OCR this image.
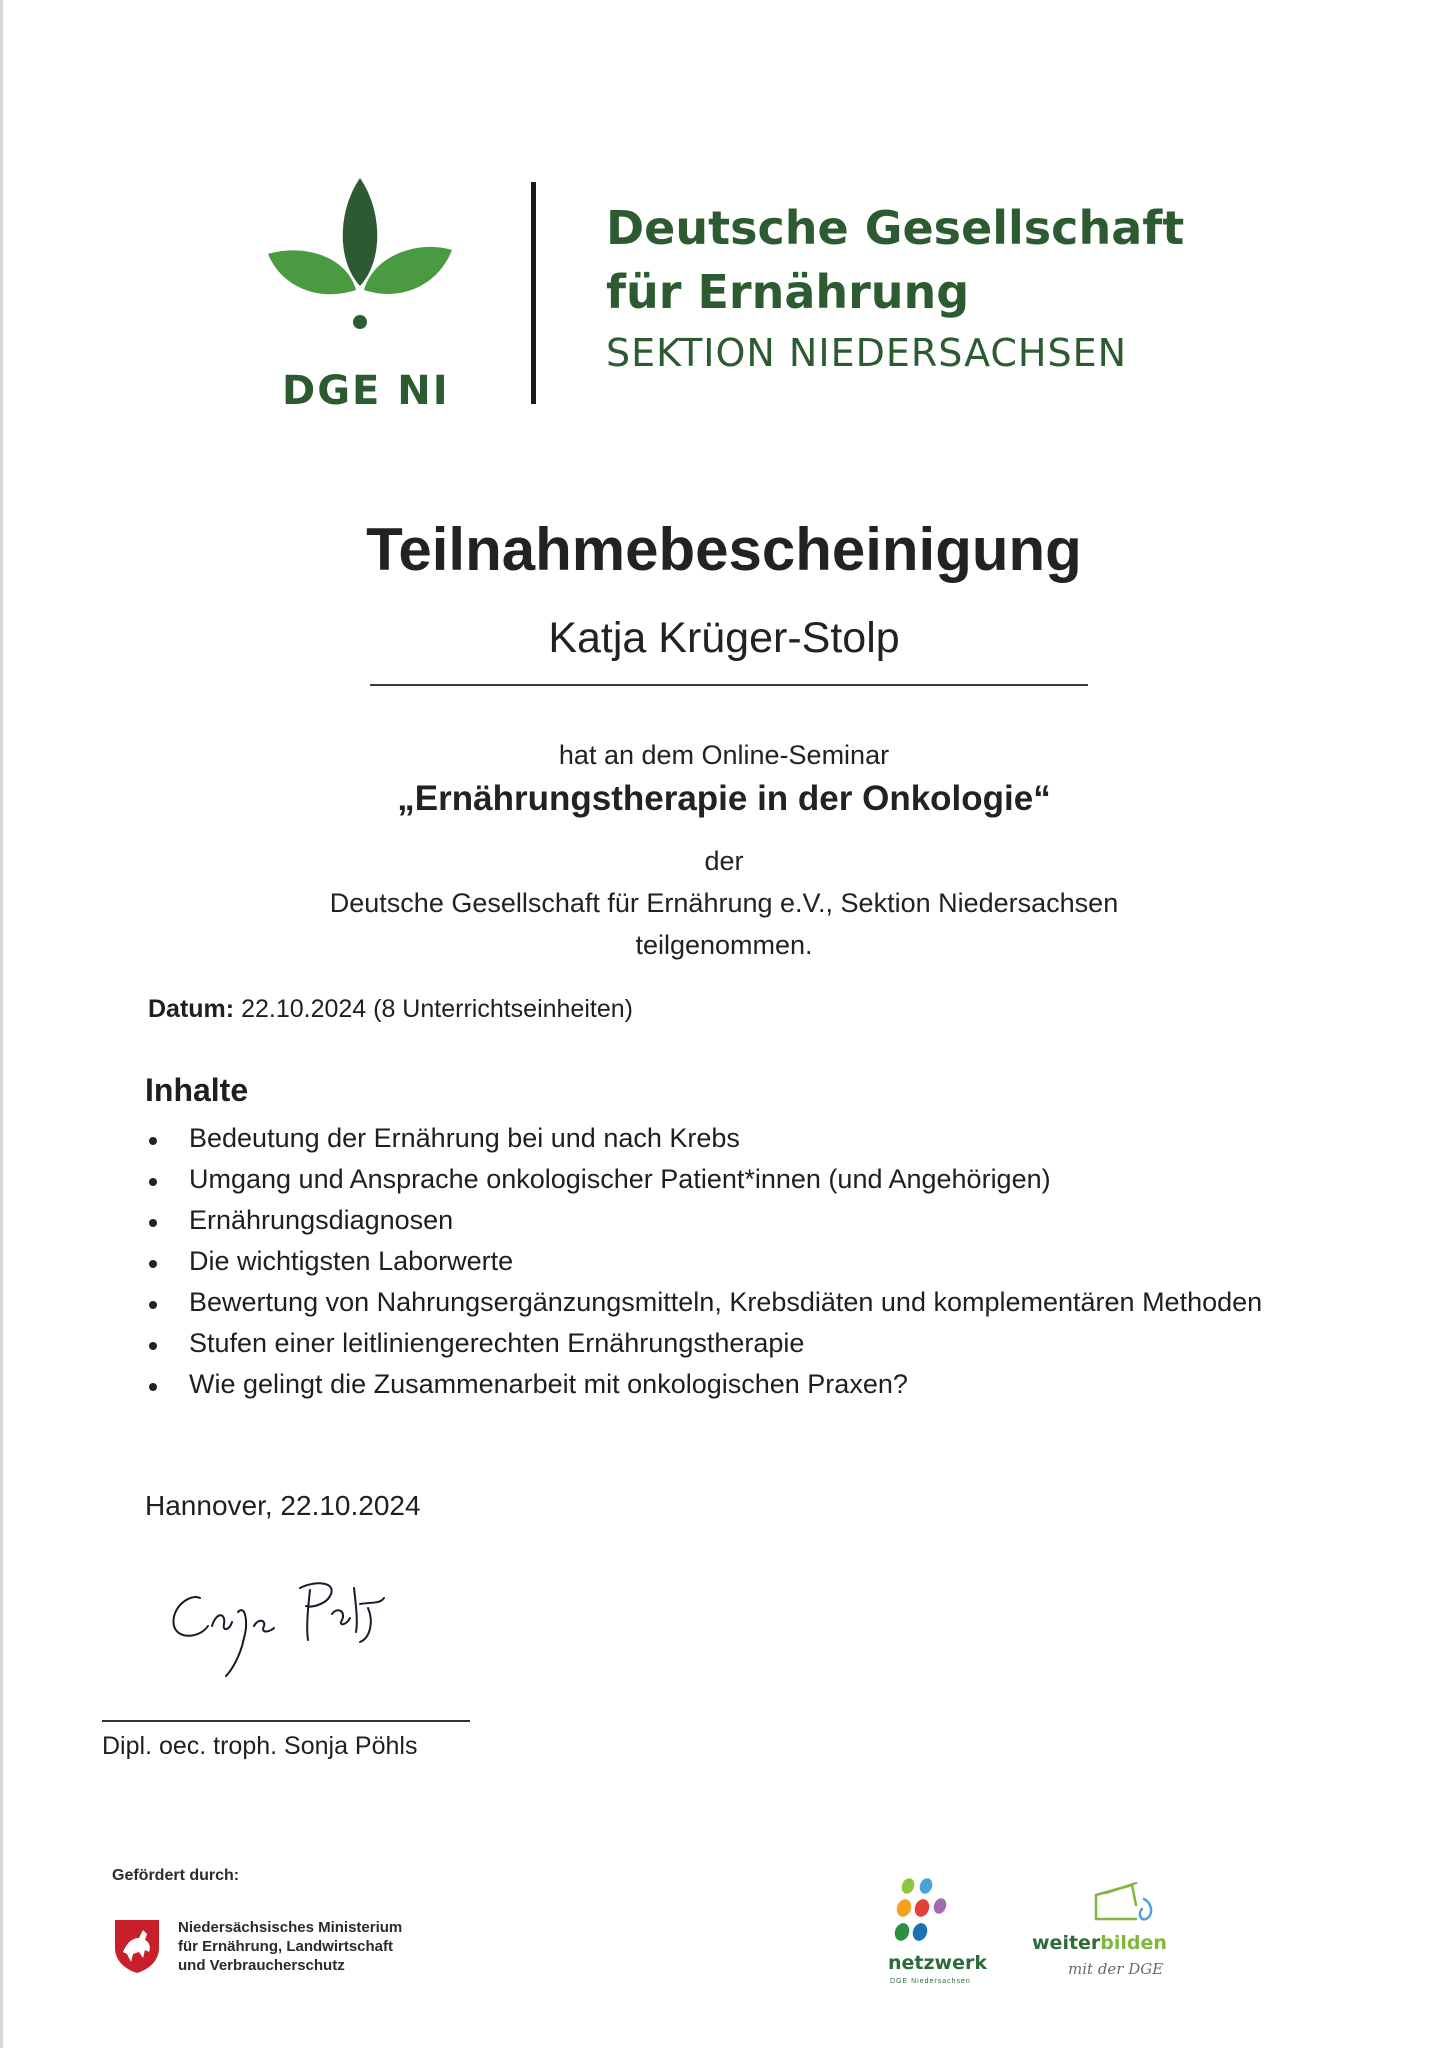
DGE NI
Deutsche Gesellschaft
für Ernährung
SEKTION NIEDERSACHSEN
Teilnahmebescheinigung
Katja Krüger-Stolp
hat an dem Online-Seminar
„Ernährungstherapie in der Onkologie“
der
Deutsche Gesellschaft für Ernährung e.V., Sektion Niedersachsen
teilgenommen.
Datum: 22.10.2024 (8 Unterrichtseinheiten)
Inhalte
Bedeutung der Ernährung bei und nach Krebs
Umgang und Ansprache onkologischer Patient*innen (und Angehörigen)
Ernährungsdiagnosen
Die wichtigsten Laborwerte
Bewertung von Nahrungsergänzungsmitteln, Krebsdiäten und komplementären Methoden
Stufen einer leitliniengerechten Ernährungstherapie
Wie gelingt die Zusammenarbeit mit onkologischen Praxen?
Hannover, 22.10.2024
Dipl. oec. troph. Sonja Pöhls
Gefördert durch:
Niedersächsisches Ministerium
für Ernährung, Landwirtschaft
und Verbraucherschutz	netzwerk
DGE Niedersachsen
weiterbilden
mit der DGE
